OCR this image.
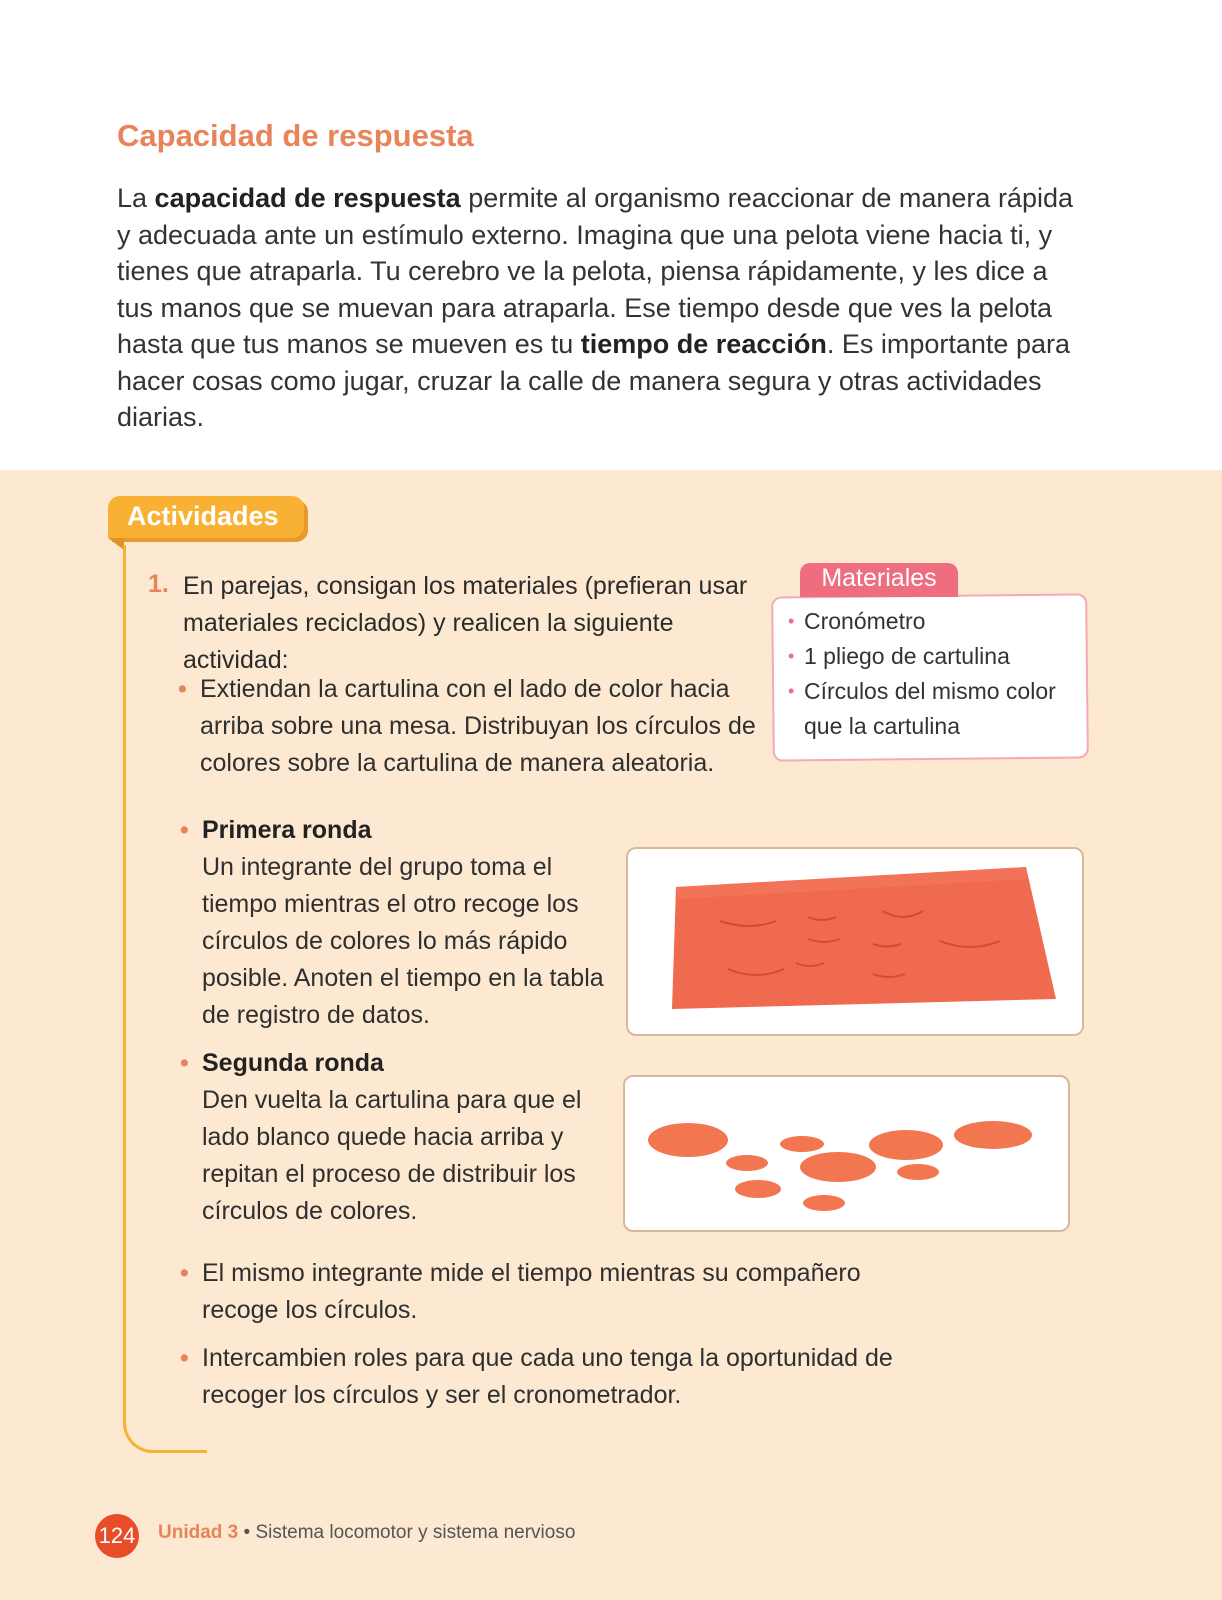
Capacidad de respuesta

La capacidad de respuesta permite al organismo reaccionar de manera rápida y adecuada ante un estímulo externo. Imagina que una pelota viene hacia ti, y tienes que atraparla. Tu cerebro ve la pelota, piensa rápidamente, y les dice a tus manos que se muevan para atraparla. Ese tiempo desde que ves la pelota hasta que tus manos se mueven es tu tiempo de reacción. Es importante para hacer cosas como jugar, cruzar la calle de manera segura y otras actividades diarias.

Actividades
1. En parejas, consigan los materiales (prefieran usar materiales reciclados) y realicen la siguiente actividad:

• Extiendan la cartulina con el lado de color hacia arriba sobre una mesa. Distribuyan los círculos de colores sobre la cartulina de manera aleatoria.

• Primera ronda
Un integrante del grupo toma el tiempo mientras el otro recoge los círculos de colores lo más rápido posible. Anoten el tiempo en la tabla de registro de datos.

• Segunda ronda
Den vuelta la cartulina para que el lado blanco quede hacia arriba y repitan el proceso de distribuir los círculos de colores.

• El mismo integrante mide el tiempo mientras su compañero recoge los círculos.

• Intercambien roles para que cada uno tenga la oportunidad de recoger los círculos y ser el cronometrador.

Materiales
• Cronómetro
• 1 pliego de cartulina
• Círculos del mismo color que la cartulina
124 Unidad 3 • Sistema locomotor y sistema nervioso
